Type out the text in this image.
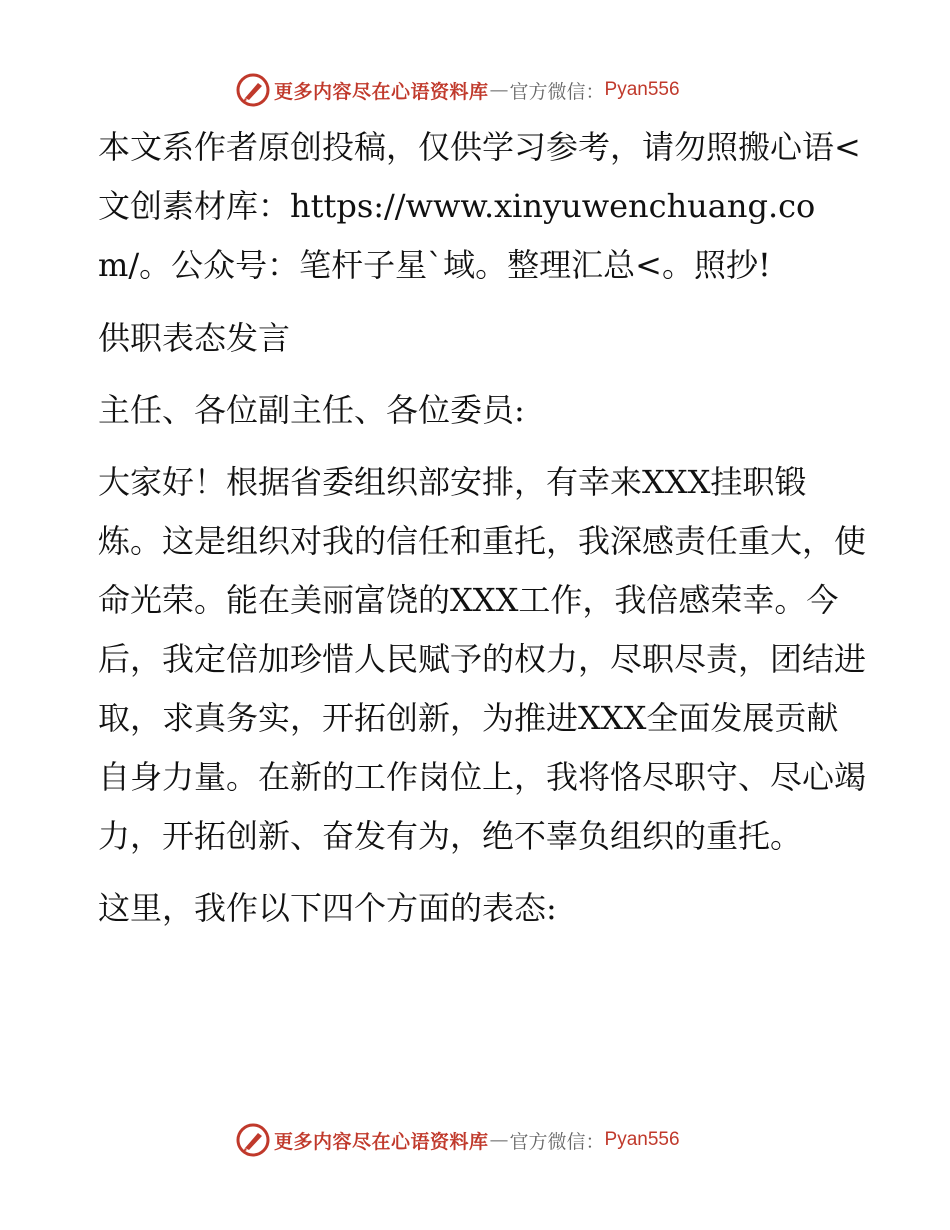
更多内容尽在心语资料库 — 官方微信： Pyan556

本文系作者原创投稿，仅供学习参考，请勿照搬心语<文创素材库：https://www.xinyuwenchuang.com/。公众号：笔杆子星`域。整理汇总<。照抄!

供职表态发言

主任、各位副主任、各位委员:

大家好！根据省委组织部安排，有幸来XXX挂职锻炼。这是组织对我的信任和重托，我深感责任重大，使命光荣。能在美丽富饶的XXX工作，我倍感荣幸。今后，我定倍加珍惜人民赋予的权力，尽职尽责，团结进取，求真务实，开拓创新，为推进XXX全面发展贡献自身力量。在新的工作岗位上，我将恪尽职守、尽心竭力，开拓创新、奋发有为，绝不辜负组织的重托。

这里，我作以下四个方面的表态:

更多内容尽在心语资料库 — 官方微信： Pyan556
